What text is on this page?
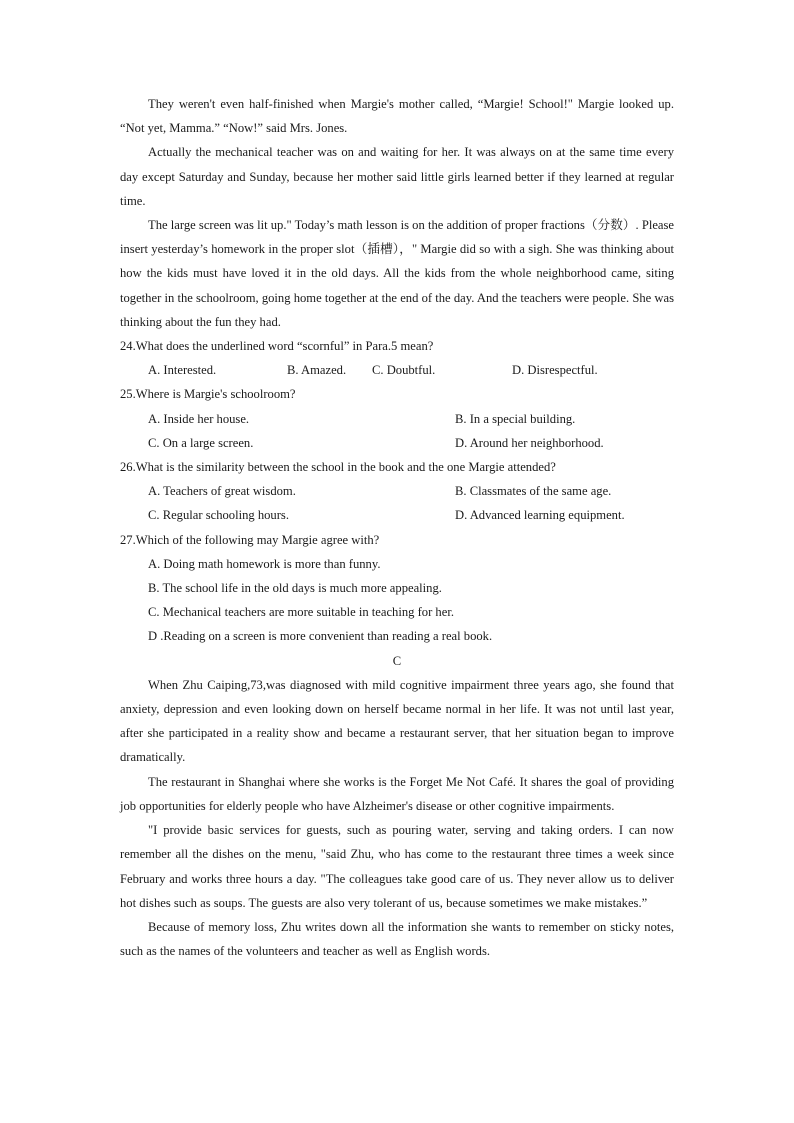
They weren't even half-finished when Margie's mother called, “Margie! School!" Margie looked up. “Not yet, Mamma.” “Now!” said Mrs. Jones.

Actually the mechanical teacher was on and waiting for her. It was always on at the same time every day except Saturday and Sunday, because her mother said little girls learned better if they learned at regular time.

The large screen was lit up." Today’s math lesson is on the addition of proper fractions（分数）. Please insert yesterday’s homework in the proper slot（插槽），" Margie did so with a sigh. She was thinking about how the kids must have loved it in the old days. All the kids from the whole neighborhood came, siting together in the schoolroom, going home together at the end of the day. And the teachers were people. She was thinking about the fun they had.

24.What does the underlined word “scornful” in Para.5 mean?

A. Interested.	B. Amazed.	C. Doubtful.	D. Disrespectful.

25.Where is Margie's schoolroom?

A. Inside her house.	B. In a special building.
C. On a large screen.	D. Around her neighborhood.

26.What is the similarity between the school in the book and the one Margie attended?

A. Teachers of great wisdom.	B. Classmates of the same age.
C. Regular schooling hours.	D. Advanced learning equipment.

27.Which of the following may Margie agree with?

A. Doing math homework is more than funny.

B. The school life in the old days is much more appealing.

C. Mechanical teachers are more suitable in teaching for her.

D .Reading on a screen is more convenient than reading a real book.

C

When Zhu Caiping,73,was diagnosed with mild cognitive impairment three years ago, she found that anxiety, depression and even looking down on herself became normal in her life. It was not until last year, after she participated in a reality show and became a restaurant server, that her situation began to improve dramatically.

The restaurant in Shanghai where she works is the Forget Me Not Café. It shares the goal of providing job opportunities for elderly people who have Alzheimer's disease or other cognitive impairments.

"I provide basic services for guests, such as pouring water, serving and taking orders. I can now remember all the dishes on the menu, "said Zhu, who has come to the restaurant three times a week since February and works three hours a day. "The colleagues take good care of us. They never allow us to deliver hot dishes such as soups. The guests are also very tolerant of us, because sometimes we make mistakes.”

Because of memory loss, Zhu writes down all the information she wants to remember on sticky notes, such as the names of the volunteers and teacher as well as English words.
